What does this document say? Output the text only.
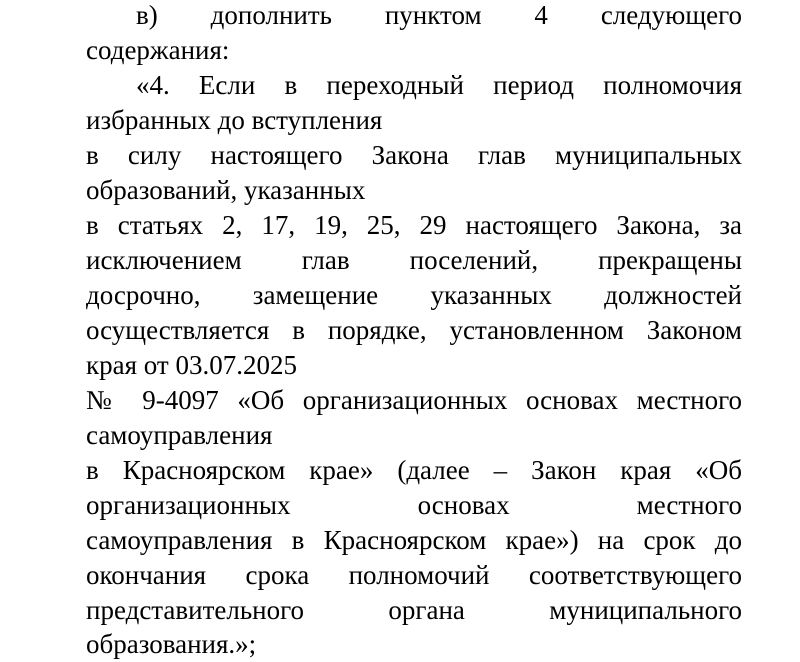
в) дополнить пунктом 4 следующего
содержания:
«4. Если в переходный период полномочия
избранных до вступления
в силу настоящего Закона глав муниципальных
образований, указанных
в статьях 2, 17, 19, 25, 29 настоящего Закона, за
исключением глав поселений, прекращены
досрочно, замещение указанных должностей
осуществляется в порядке, установленном Законом
края от 03.07.2025
№ 9-4097 «Об организационных основах местного
самоуправления
в Красноярском крае» (далее – Закон края «Об
организационных основах местного
самоуправления в Красноярском крае») на срок до
окончания срока полномочий соответствующего
представительного органа муниципального
образования.»;
